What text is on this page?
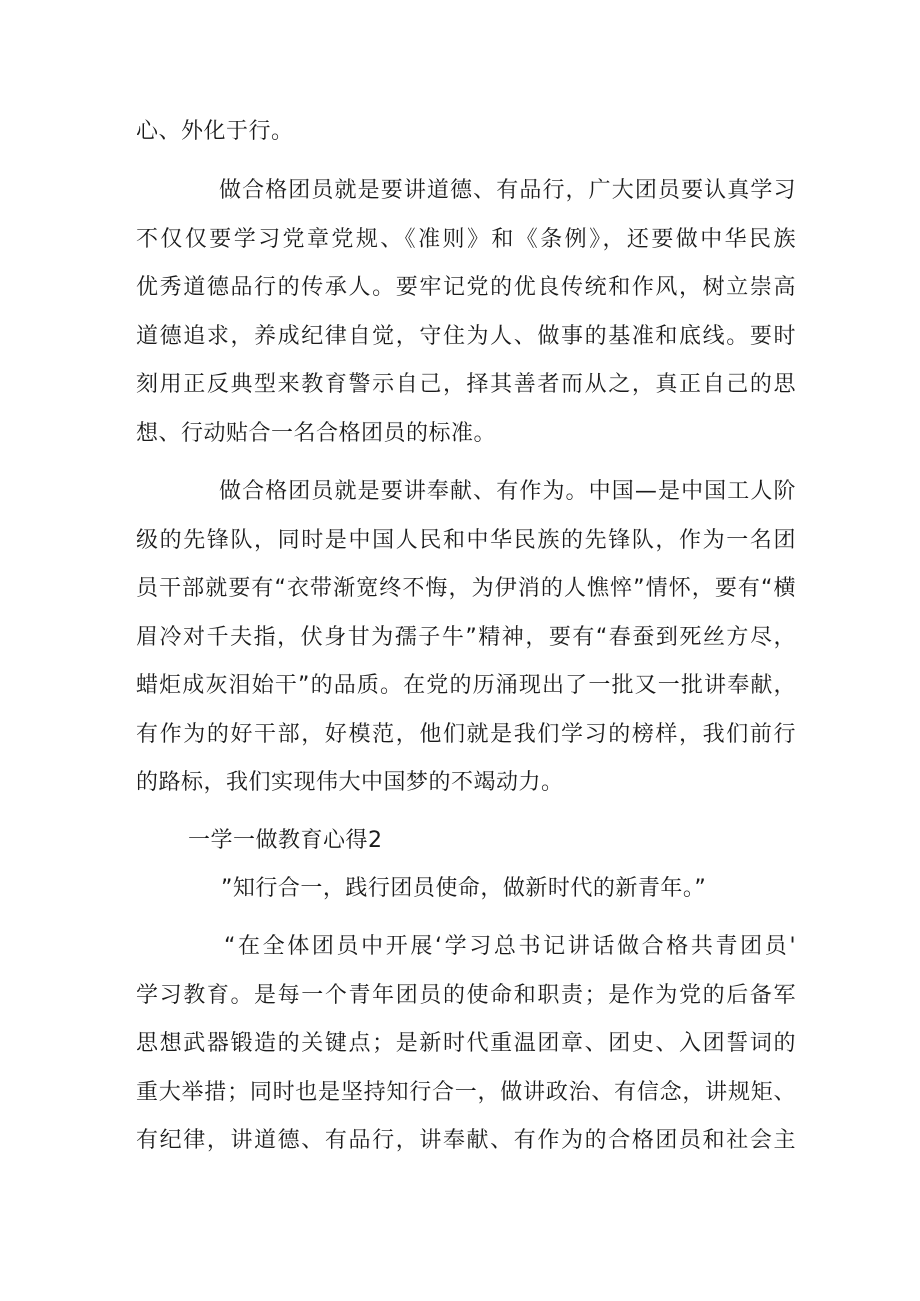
心、外化于行。
做合格团员就是要讲道德、有品行，广大团员要认真学习
不仅仅要学习党章党规、《准则》和《条例》，还要做中华民族
优秀道德品行的传承人。要牢记党的优良传统和作风，树立崇高
道德追求，养成纪律自觉，守住为人、做事的基准和底线。要时
刻用正反典型来教育警示自己，择其善者而从之，真正自己的思
想、行动贴合一名合格团员的标准。
做合格团员就是要讲奉献、有作为。中国—是中国工人阶
级的先锋队，同时是中国人民和中华民族的先锋队，作为一名团
员干部就要有“衣带渐宽终不悔，为伊消的人憔悴”情怀，要有“横
眉冷对千夫指，伏身甘为孺子牛”精神，要有“春蚕到死丝方尽，
蜡炬成灰泪始干”的品质。在党的历涌现出了一批又一批讲奉献，
有作为的好干部，好模范，他们就是我们学习的榜样，我们前行
的路标，我们实现伟大中国梦的不竭动力。
一学一做教育心得2
”知行合一，践行团员使命，做新时代的新青年。”
“在全体团员中开展‘学习总书记讲话做合格共青团员'
学习教育。是每一个青年团员的使命和职责；是作为党的后备军
思想武器锻造的关键点；是新时代重温团章、团史、入团誓词的
重大举措；同时也是坚持知行合一，做讲政治、有信念，讲规矩、
有纪律，讲道德、有品行，讲奉献、有作为的合格团员和社会主
